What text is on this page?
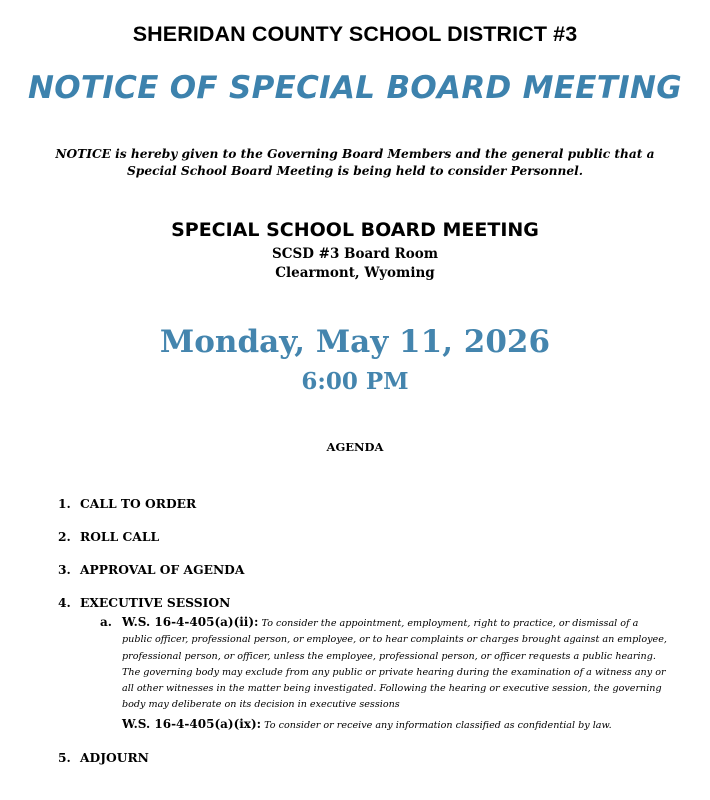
SHERIDAN COUNTY SCHOOL DISTRICT #3
NOTICE OF SPECIAL BOARD MEETING
NOTICE is hereby given to the Governing Board Members and the general public that a
Special School Board Meeting is being held to consider Personnel.
SPECIAL SCHOOL BOARD MEETING
SCSD #3 Board Room
Clearmont, Wyoming
Monday, May 11, 2026
6:00 PM
AGENDA
1. CALL TO ORDER
2. ROLL CALL
3. APPROVAL OF AGENDA
4. EXECUTIVE SESSION
a. W.S. 16-4-405(a)(ii): To consider the appointment, employment, right to practice, or dismissal of a public officer, professional person, or employee, or to hear complaints or charges brought against an employee, professional person, or officer, unless the employee, professional person, or officer requests a public hearing. The governing body may exclude from any public or private hearing during the examination of a witness any or all other witnesses in the matter being investigated. Following the hearing or executive session, the governing body may deliberate on its decision in executive sessions
W.S. 16-4-405(a)(ix): To consider or receive any information classified as confidential by law.
5. ADJOURN
